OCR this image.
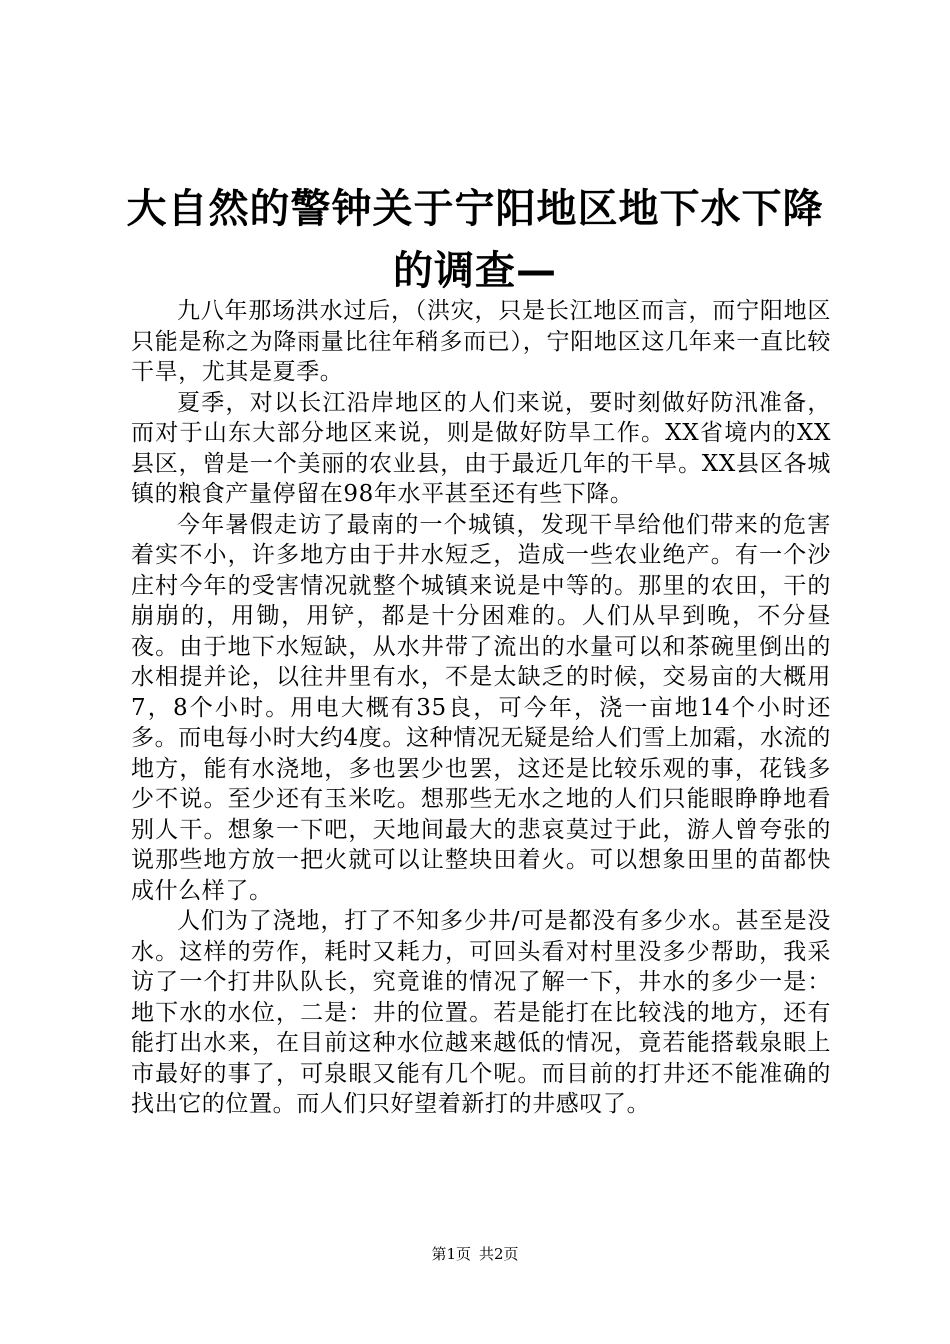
大自然的警钟关于宁阳地区地下水下降的调查—

九八年那场洪水过后，（洪灾，只是长江地区而言，而宁阳地区只能是称之为降雨量比往年稍多而已），宁阳地区这几年来一直比较干旱，尤其是夏季。

夏季，对以长江沿岸地区的人们来说，要时刻做好防汛准备，而对于山东大部分地区来说，则是做好防旱工作。XX省境内的XX县区，曾是一个美丽的农业县，由于最近几年的干旱。XX县区各城镇的粮食产量停留在98年水平甚至还有些下降。

今年暑假走访了最南的一个城镇，发现干旱给他们带来的危害着实不小，许多地方由于井水短乏，造成一些农业绝产。有一个沙庄村今年的受害情况就整个城镇来说是中等的。那里的农田，干的崩崩的，用锄，用铲，都是十分困难的。人们从早到晚，不分昼夜。由于地下水短缺，从水井带了流出的水量可以和茶碗里倒出的水相提并论，以往井里有水，不是太缺乏的时候，交易亩的大概用7，8个小时。用电大概有35良，可今年，浇一亩地14个小时还多。而电每小时大约4度。这种情况无疑是给人们雪上加霜，水流的地方，能有水浇地，多也罢少也罢，这还是比较乐观的事，花钱多少不说。至少还有玉米吃。想那些无水之地的人们只能眼睁睁地看别人干。想象一下吧，天地间最大的悲哀莫过于此，游人曾夸张的说那些地方放一把火就可以让整块田着火。可以想象田里的苗都快成什么样了。

人们为了浇地，打了不知多少井/可是都没有多少水。甚至是没水。这样的劳作，耗时又耗力，可回头看对村里没多少帮助，我采访了一个打井队队长，究竟谁的情况了解一下，井水的多少一是：地下水的水位，二是：井的位置。若是能打在比较浅的地方，还有能打出水来，在目前这种水位越来越低的情况，竟若能搭载泉眼上市最好的事了，可泉眼又能有几个呢。而目前的打井还不能准确的找出它的位置。而人们只好望着新打的井感叹了。

第1页 共2页
